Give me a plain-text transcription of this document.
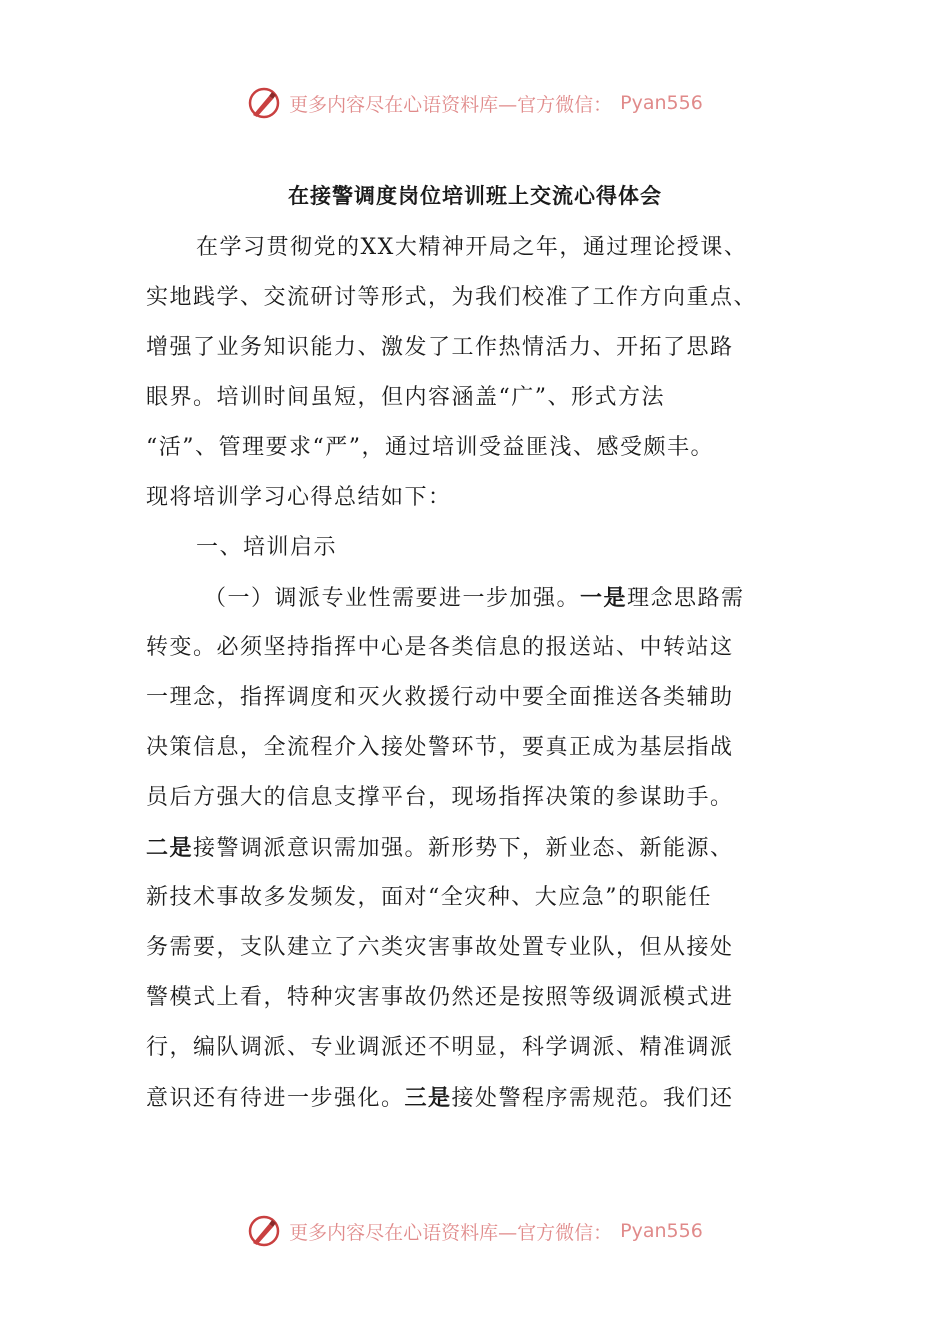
更多内容尽在心语资料库—官方微信： Pyan556
在接警调度岗位培训班上交流心得体会
在学习贯彻党的XX大精神开局之年，通过理论授课、
实地践学、交流研讨等形式，为我们校准了工作方向重点、
增强了业务知识能力、激发了工作热情活力、开拓了思路
眼界。培训时间虽短，但内容涵盖“广”、形式方法
“活”、管理要求“严”，通过培训受益匪浅、感受颇丰。
现将培训学习心得总结如下：
一、培训启示
（一）调派专业性需要进一步加强。一是理念思路需
转变。必须坚持指挥中心是各类信息的报送站、中转站这
一理念，指挥调度和灭火救援行动中要全面推送各类辅助
决策信息，全流程介入接处警环节，要真正成为基层指战
员后方强大的信息支撑平台，现场指挥决策的参谋助手。
二是接警调派意识需加强。新形势下，新业态、新能源、
新技术事故多发频发，面对“全灾种、大应急”的职能任
务需要，支队建立了六类灾害事故处置专业队，但从接处
警模式上看，特种灾害事故仍然还是按照等级调派模式进
行，编队调派、专业调派还不明显，科学调派、精准调派
意识还有待进一步强化。三是接处警程序需规范。我们还
更多内容尽在心语资料库—官方微信： Pyan556
